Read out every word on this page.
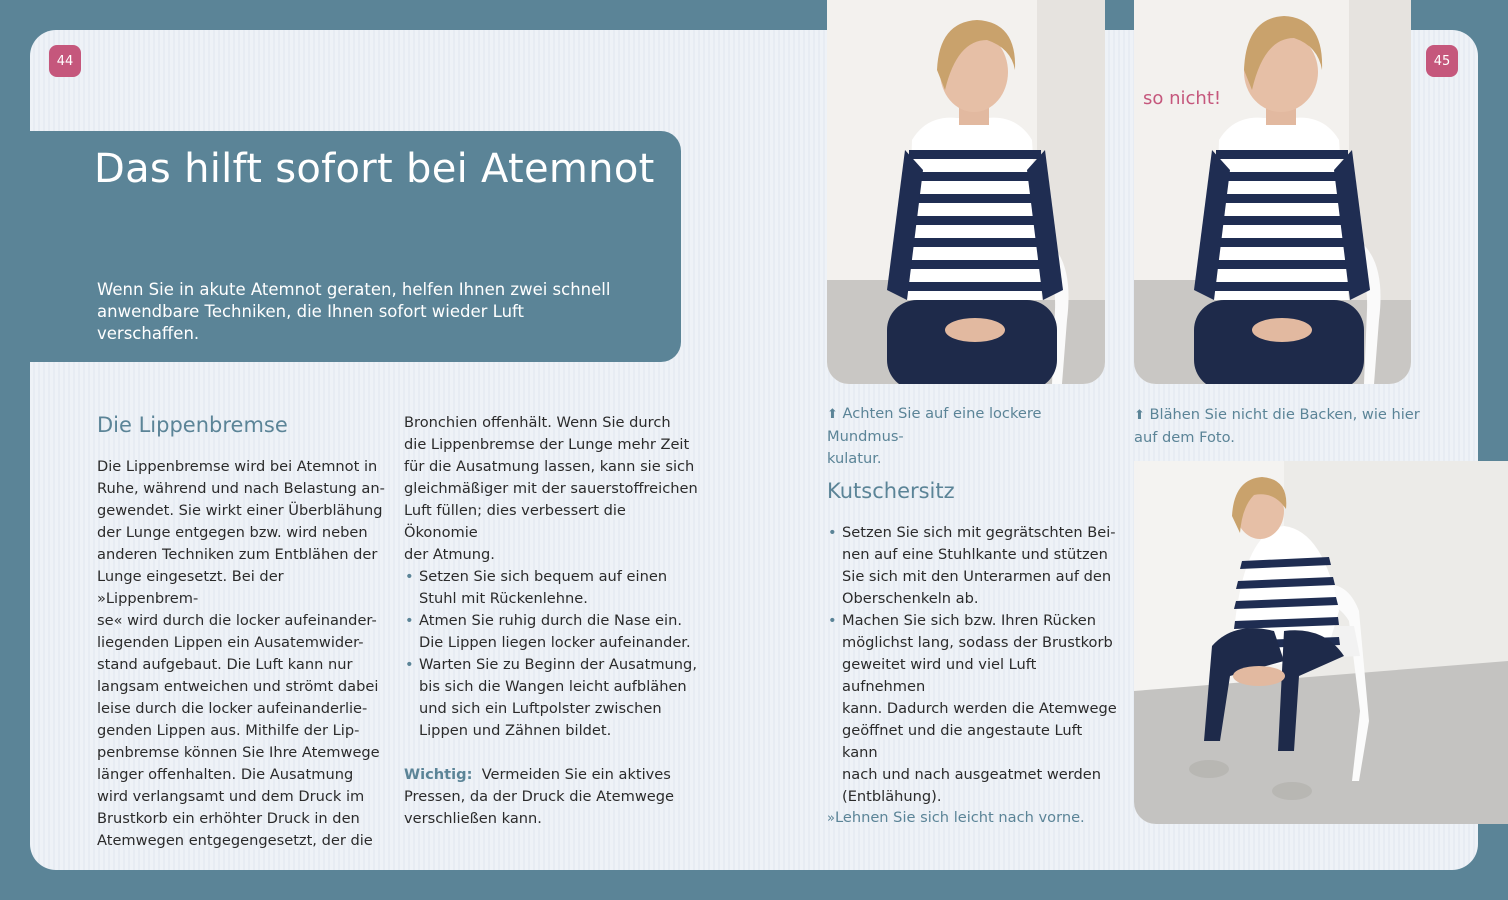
44	45
Das hilft sofort bei Atemnot
Wenn Sie in akute Atemnot geraten, helfen Ihnen zwei schnell anwendbare Techniken, die Ihnen sofort wieder Luft verschaffen.
Die Lippenbremse

Die Lippenbremse wird bei Atemnot in

Ruhe, während und nach Belastung an-

gewendet. Sie wirkt einer Überblähung

der Lunge entgegen bzw. wird neben

anderen Techniken zum Entblähen der

Lunge eingesetzt. Bei der »Lippenbrem-

se« wird durch die locker aufeinander-

liegenden Lippen ein Ausatemwider-

stand aufgebaut. Die Luft kann nur

langsam entweichen und strömt dabei

leise durch die locker aufeinanderlie-

genden Lippen aus. Mithilfe der Lip-

penbremse können Sie Ihre Atemwege

länger offenhalten. Die Ausatmung

wird verlangsamt und dem Druck im

Brustkorb ein erhöhter Druck in den

Atemwegen entgegengesetzt, der die

Bronchien offenhält. Wenn Sie durch

die Lippenbremse der Lunge mehr Zeit

für die Ausatmung lassen, kann sie sich

gleichmäßiger mit der sauerstoffreichen

Luft füllen; dies verbessert die Ökonomie

der Atmung.

• Setzen Sie sich bequem auf einen
Stuhl mit Rückenlehne.
• Atmen Sie ruhig durch die Nase ein.
Die Lippen liegen locker aufeinander.
• Warten Sie zu Beginn der Ausatmung,
bis sich die Wangen leicht aufblähen
und sich ein Luftpolster zwischen
Lippen und Zähnen bildet.

Wichtig: Vermeiden Sie ein aktives

Pressen, da der Druck die Atemwege

verschließen kann.

so nicht!
⬆ Achten Sie auf eine lockere Mundmus-
kulatur.
⬆ Blähen Sie nicht die Backen, wie hier
auf dem Foto.
Kutschersitz
• Setzen Sie sich mit gegrätschten Bei-
nen auf eine Stuhlkante und stützen
Sie sich mit den Unterarmen auf den
Oberschenkeln ab.
• Machen Sie sich bzw. Ihren Rücken
möglichst lang, sodass der Brustkorb
geweitet wird und viel Luft aufnehmen
kann. Dadurch werden die Atemwege
geöffnet und die angestaute Luft kann
nach und nach ausgeatmet werden
(Entblähung).
»Lehnen Sie sich leicht nach vorne.
